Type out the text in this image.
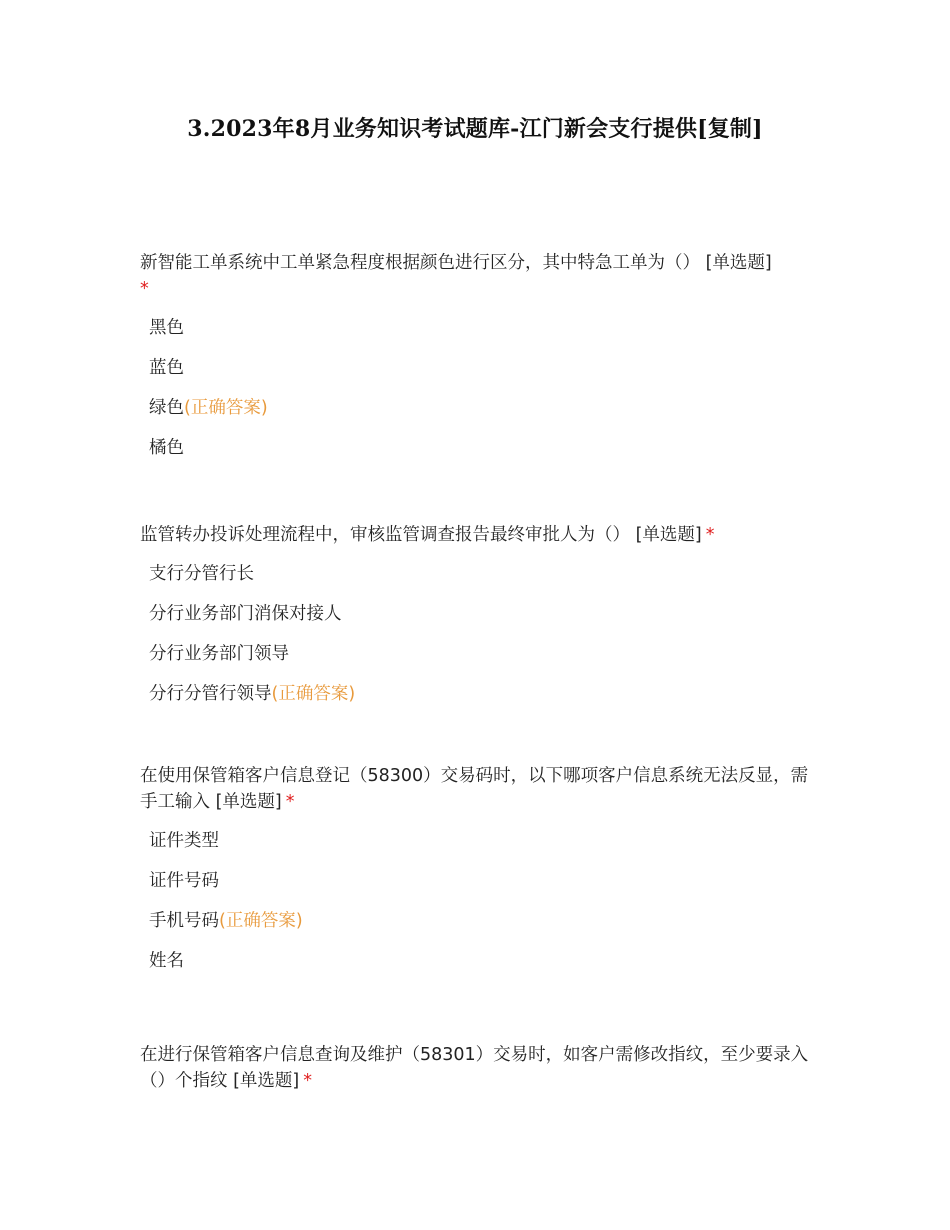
3.2023年8月业务知识考试题库-江门新会支行提供[复制]

新智能工单系统中工单紧急程度根据颜色进行区分，其中特急工单为（） [单选题]
*

黑色
蓝色
绿色(正确答案)
橘色

监管转办投诉处理流程中，审核监管调查报告最终审批人为（） [单选题] *

支行分管行长
分行业务部门消保对接人
分行业务部门领导
分行分管行领导(正确答案)

在使用保管箱客户信息登记（58300）交易码时，以下哪项客户信息系统无法反显，需手工输入 [单选题] *

证件类型
证件号码
手机号码(正确答案)
姓名

在进行保管箱客户信息查询及维护（58301）交易时，如客户需修改指纹，至少要录入（）个指纹 [单选题] *
